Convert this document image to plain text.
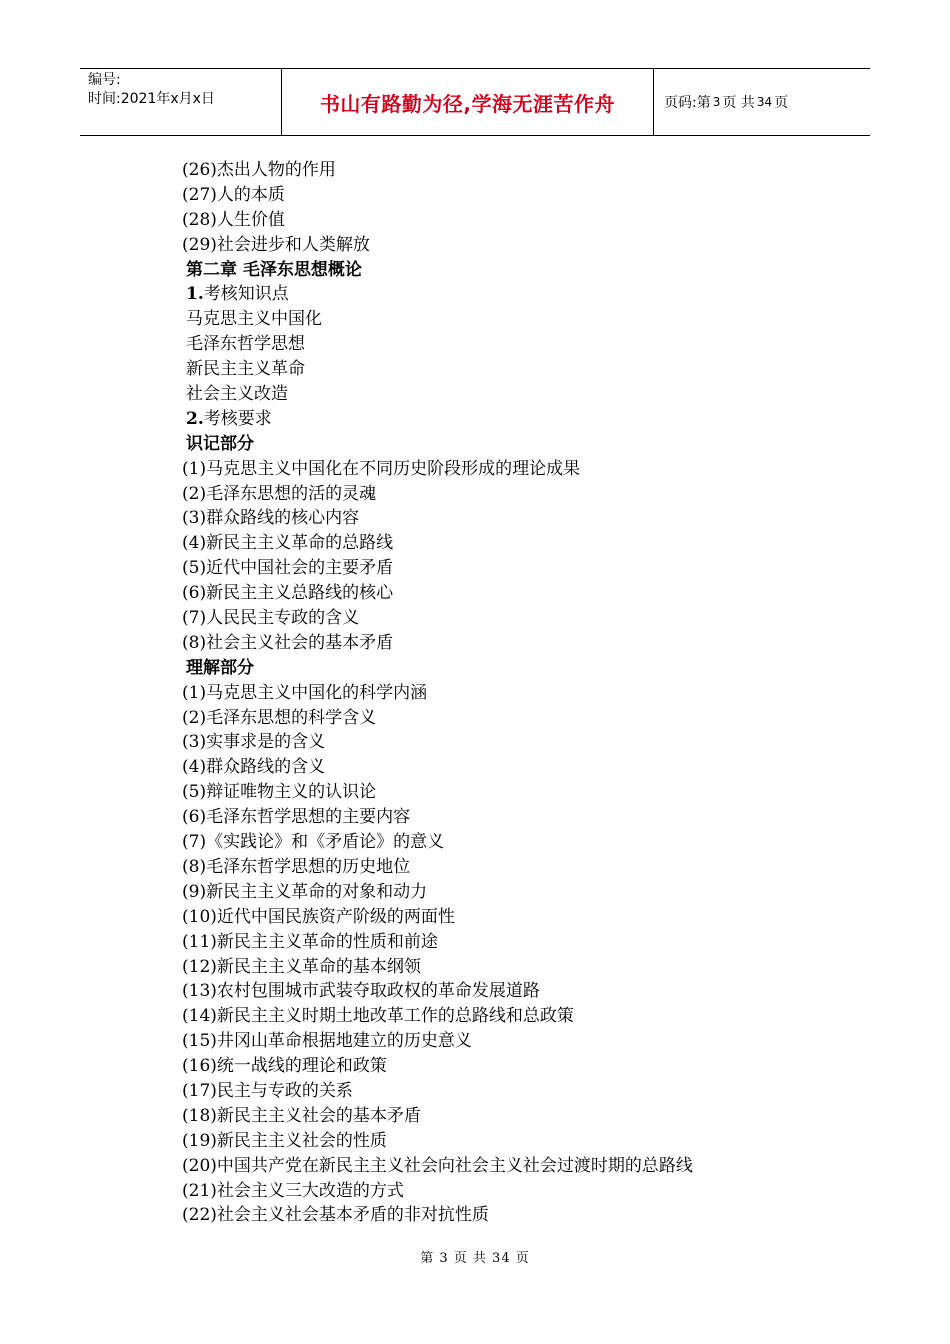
编号:
时间:2021年x月x日	书山有路勤为径,学海无涯苦作舟	页码:第 3 页 共 34 页
(26)杰出人物的作用
(27)人的本质
(28)人生价值
(29)社会进步和人类解放
第二章 毛泽东思想概论
1.考核知识点
马克思主义中国化
毛泽东哲学思想
新民主主义革命
社会主义改造
2.考核要求
识记部分
(1)马克思主义中国化在不同历史阶段形成的理论成果
(2)毛泽东思想的活的灵魂
(3)群众路线的核心内容
(4)新民主主义革命的总路线
(5)近代中国社会的主要矛盾
(6)新民主主义总路线的核心
(7)人民民主专政的含义
(8)社会主义社会的基本矛盾
理解部分
(1)马克思主义中国化的科学内涵
(2)毛泽东思想的科学含义
(3)实事求是的含义
(4)群众路线的含义
(5)辩证唯物主义的认识论
(6)毛泽东哲学思想的主要内容
(7)《实践论》和《矛盾论》的意义
(8)毛泽东哲学思想的历史地位
(9)新民主主义革命的对象和动力
(10)近代中国民族资产阶级的两面性
(11)新民主主义革命的性质和前途
(12)新民主主义革命的基本纲领
(13)农村包围城市武装夺取政权的革命发展道路
(14)新民主主义时期土地改革工作的总路线和总政策
(15)井冈山革命根据地建立的历史意义
(16)统一战线的理论和政策
(17)民主与专政的关系
(18)新民主主义社会的基本矛盾
(19)新民主主义社会的性质
(20)中国共产党在新民主主义社会向社会主义社会过渡时期的总路线
(21)社会主义三大改造的方式
(22)社会主义社会基本矛盾的非对抗性质
第 3 页 共 34 页
